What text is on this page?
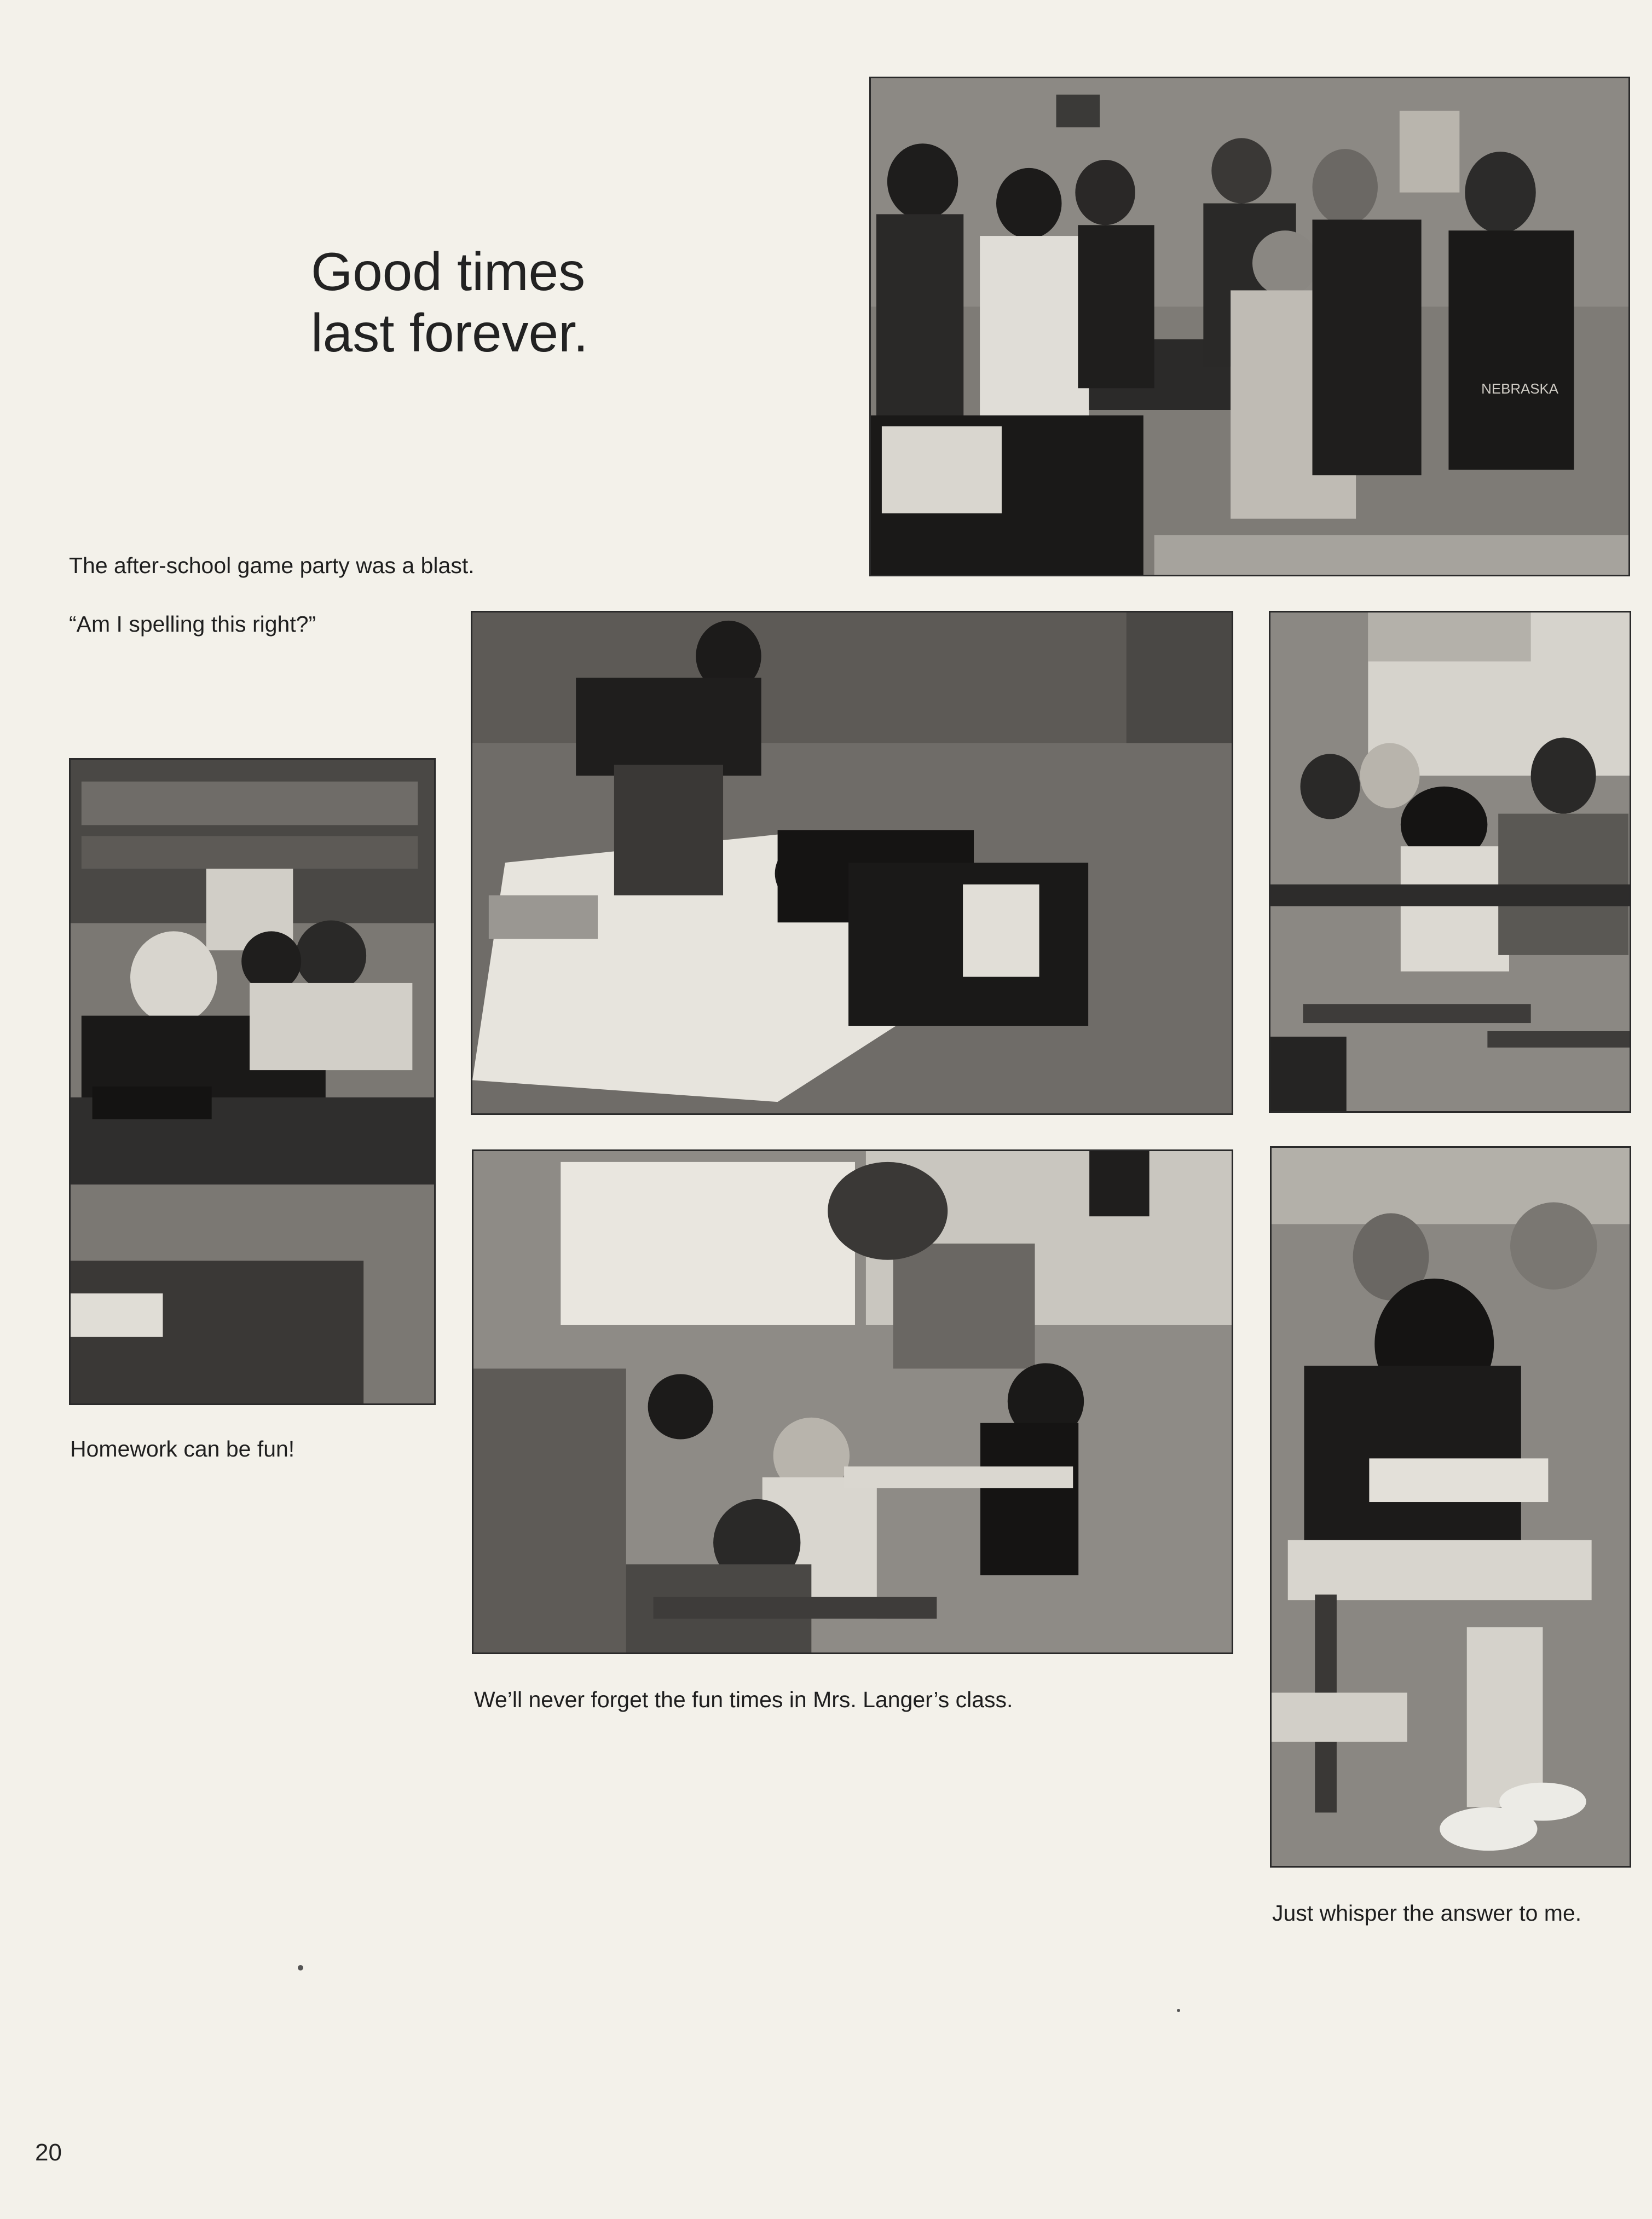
Good times
last forever.
NEBRASKA
The after-school game party was a blast.
“Am I spelling this right?”
Homework can be fun!
We’ll never forget the fun times in Mrs. Langer’s class.
Just whisper the answer to me.
20
